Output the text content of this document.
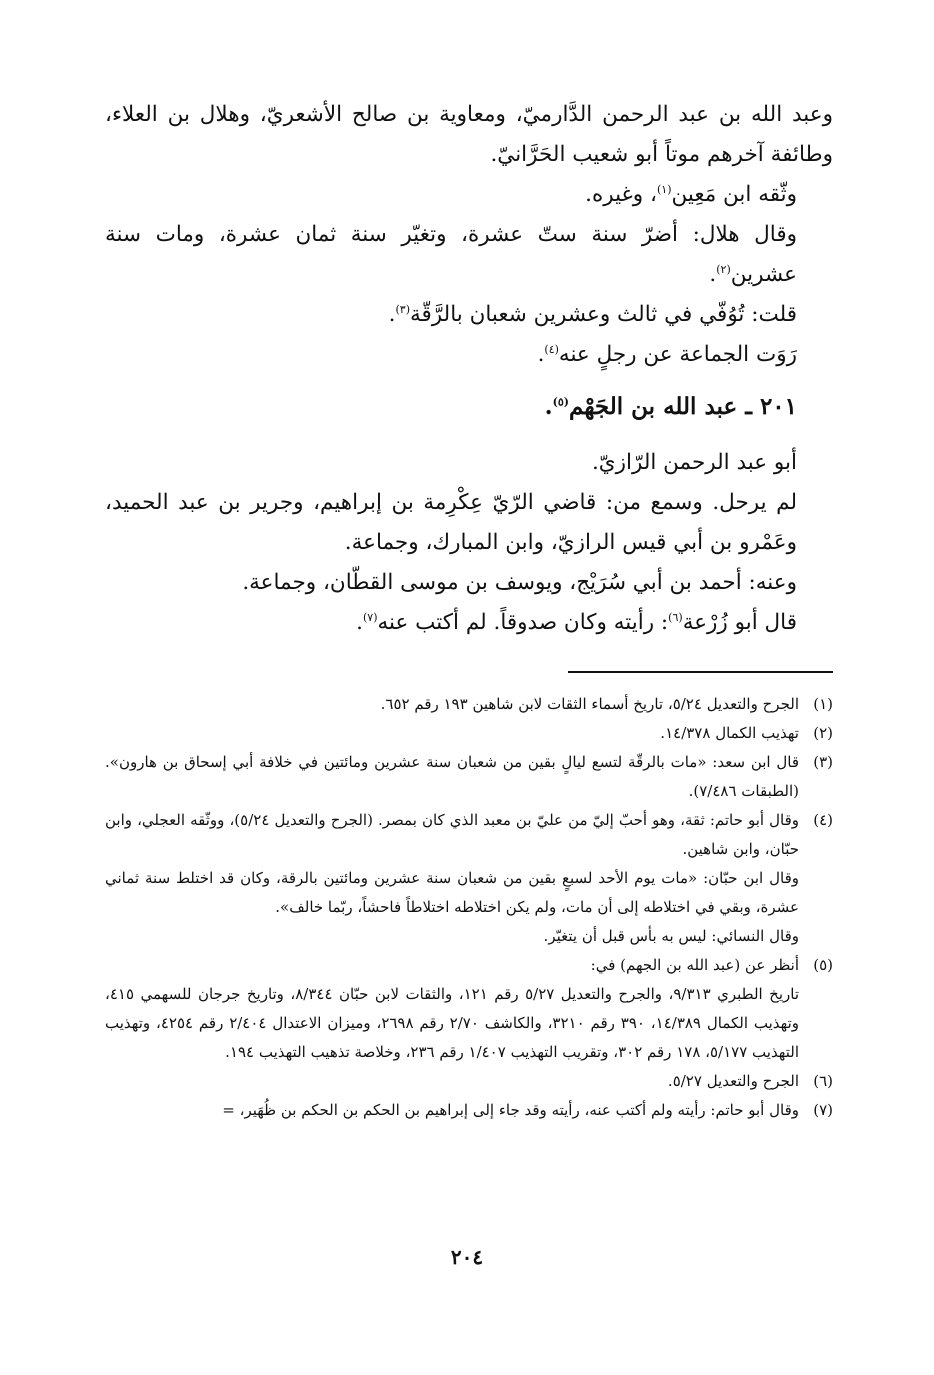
وعبد الله بن عبد الرحمن الدَّارميّ، ومعاوية بن صالح الأشعريّ، وهلال بن العلاء، وطائفة آخرهم موتاً أبو شعيب الحَرَّانيّ.

وثّقه ابن مَعِين$^{(١)}$، وغيره.

وقال هلال: أضرّ سنة ستّ عشرة، وتغيّر سنة ثمان عشرة، ومات سنة عشرين$^{(٢)}$.

قلت: تُوُفّي في ثالث وعشرين شعبان بالرَّقّة$^{(٣)}$.

رَوَت الجماعة عن رجلٍ عنه$^{(٤)}$.

٢٠١ ـ عبد الله بن الجَهْم$^{(٥)}$.

أبو عبد الرحمن الرّازيّ.

لم يرحل. وسمع من: قاضي الرّيّ عِكْرِمة بن إبراهيم، وجرير بن عبد الحميد، وعَمْرو بن أبي قيس الرازيّ، وابن المبارك، وجماعة.

وعنه: أحمد بن أبي سُرَيْج، ويوسف بن موسى القطّان، وجماعة.

قال أبو زُرْعة$^{(٦)}$: رأيته وكان صدوقاً. لم أكتب عنه$^{(٧)}$.

(١)
الجرح والتعديل ٥/٢٤، تاريخ أسماء الثقات لابن شاهين ١٩٣ رقم ٦٥٢.
(٢)
تهذيب الكمال ١٤/٣٧٨.
(٣)
قال ابن سعد: «مات بالرقّة لتسع ليالٍ بقين من شعبان سنة عشرين ومائتين في خلافة أبي إسحاق بن هارون». (الطبقات ٧/٤٨٦).
(٤)
وقال أبو حاتم: ثقة، وهو أحبّ إليّ من عليّ بن معبد الذي كان بمصر. (الجرح والتعديل ٥/٢٤)، ووثّقه العجلي، وابن حبّان، وابن شاهين.

وقال ابن حبّان: «مات يوم الأحد لسبعٍ بقين من شعبان سنة عشرين ومائتين بالرقة، وكان قد اختلط سنة ثماني عشرة، وبقي في اختلاطه إلى أن مات، ولم يكن اختلاطه اختلاطاً فاحشاً، ربّما خالف».

وقال النسائي: ليس به بأس قبل أن يتغيّر.

(٥)
أنظر عن (عبد الله بن الجهم) في:

تاريخ الطبري ٩/٣١٣، والجرح والتعديل ٥/٢٧ رقم ١٢١، والثقات لابن حبّان ٨/٣٤٤، وتاريخ جرجان للسهمي ٤١٥، وتهذيب الكمال ١٤/٣٨٩، ٣٩٠ رقم ٣٢١٠، والكاشف ٢/٧٠ رقم ٢٦٩٨، وميزان الاعتدال ٢/٤٠٤ رقم ٤٢٥٤، وتهذيب التهذيب ٥/١٧٧، ١٧٨ رقم ٣٠٢، وتقريب التهذيب ١/٤٠٧ رقم ٢٣٦، وخلاصة تذهيب التهذيب ١٩٤.

(٦)
الجرح والتعديل ٥/٢٧.
(٧)
وقال أبو حاتم: رأيته ولم أكتب عنه، رأيته وقد جاء إلى إبراهيم بن الحكم بن الحكم بن ظُهَير، =
٢٠٤
